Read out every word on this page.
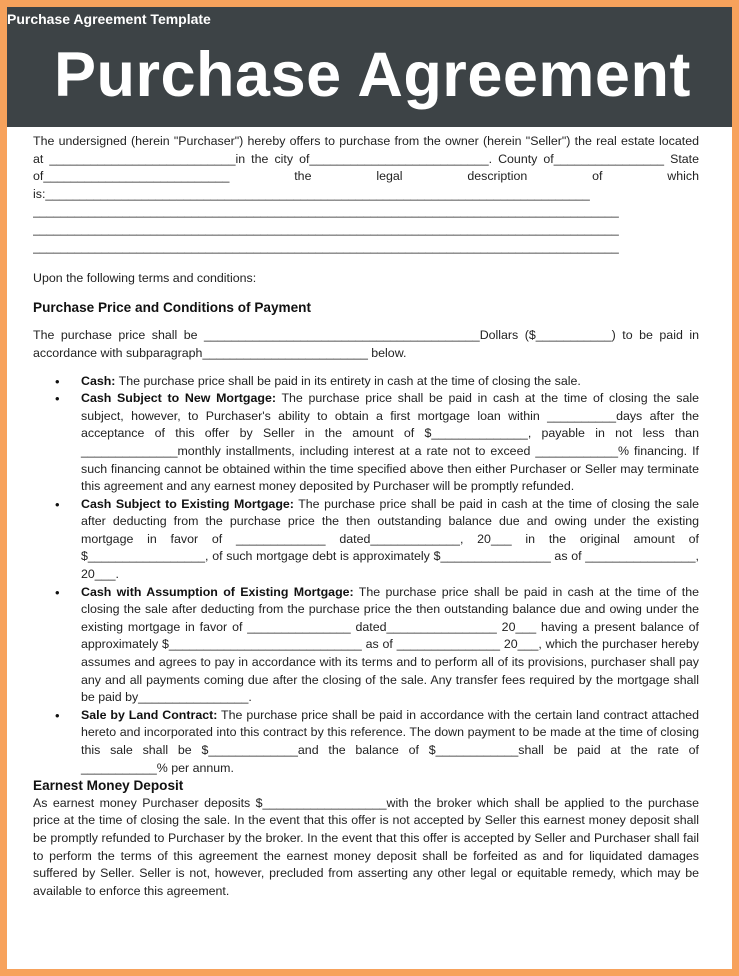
Purchase Agreement Template
Purchase Agreement
The undersigned (herein "Purchaser") hereby offers to purchase from the owner (herein "Seller") the real estate located at ___________________________in the city of__________________________. County of________________ State of___________________________ the legal description of which is:_______________________________________________________________________________
_____________________________________________________________________________________
_____________________________________________________________________________________
_____________________________________________________________________________________
Upon the following terms and conditions:
Purchase Price and Conditions of Payment
The purchase price shall be ________________________________________Dollars ($___________) to be paid in accordance with subparagraph________________________ below.
• Cash: The purchase price shall be paid in its entirety in cash at the time of closing the sale.
• Cash Subject to New Mortgage: The purchase price shall be paid in cash at the time of closing the sale subject, however, to Purchaser's ability to obtain a first mortgage loan within __________days after the acceptance of this offer by Seller in the amount of $______________, payable in not less than ______________monthly installments, including interest at a rate not to exceed ____________% financing. If such financing cannot be obtained within the time specified above then either Purchaser or Seller may terminate this agreement and any earnest money deposited by Purchaser will be promptly refunded.
• Cash Subject to Existing Mortgage: The purchase price shall be paid in cash at the time of closing the sale after deducting from the purchase price the then outstanding balance due and owing under the existing mortgage in favor of _____________ dated_____________, 20___ in the original amount of $_________________, of such mortgage debt is approximately $________________ as of ________________, 20___.
• Cash with Assumption of Existing Mortgage: The purchase price shall be paid in cash at the time of the closing the sale after deducting from the purchase price the then outstanding balance due and owing under the existing mortgage in favor of _______________ dated________________ 20___ having a present balance of approximately $____________________________ as of _______________ 20___, which the purchaser hereby assumes and agrees to pay in accordance with its terms and to perform all of its provisions, purchaser shall pay any and all payments coming due after the closing of the sale. Any transfer fees required by the mortgage shall be paid by________________.
• Sale by Land Contract: The purchase price shall be paid in accordance with the certain land contract attached hereto and incorporated into this contract by this reference. The down payment to be made at the time of closing this sale shall be $_____________and the balance of $____________shall be paid at the rate of ___________% per annum.
Earnest Money Deposit
As earnest money Purchaser deposits $__________________with the broker which shall be applied to the purchase price at the time of closing the sale. In the event that this offer is not accepted by Seller this earnest money deposit shall be promptly refunded to Purchaser by the broker. In the event that this offer is accepted by Seller and Purchaser shall fail to perform the terms of this agreement the earnest money deposit shall be forfeited as and for liquidated damages suffered by Seller. Seller is not, however, precluded from asserting any other legal or equitable remedy, which may be available to enforce this agreement.
